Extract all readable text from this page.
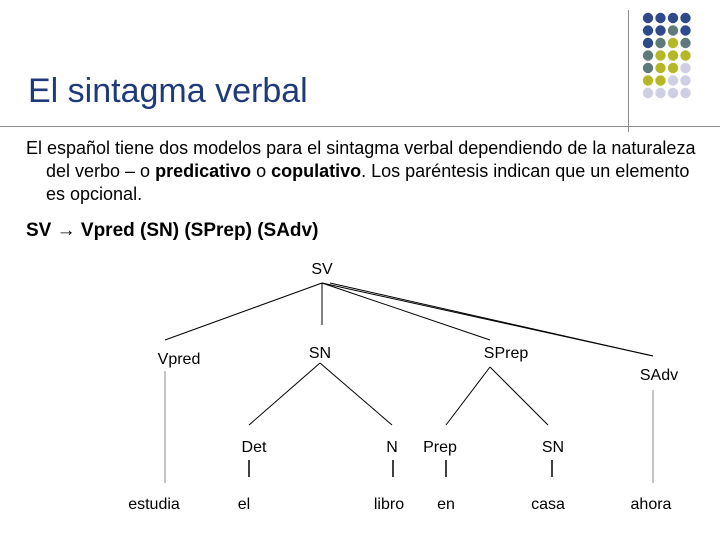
El sintagma verbal
El español tiene dos modelos para el sintagma verbal dependiendo de la naturaleza del verbo – o predicativo o copulativo. Los paréntesis indican que un elemento es opcional.
SV → Vpred (SN) (SPrep) (SAdv)
SV
Vpred	SN	SPrep
SAdv
Det	N Prep	SN
estudia	el	libro en	casa	ahora
